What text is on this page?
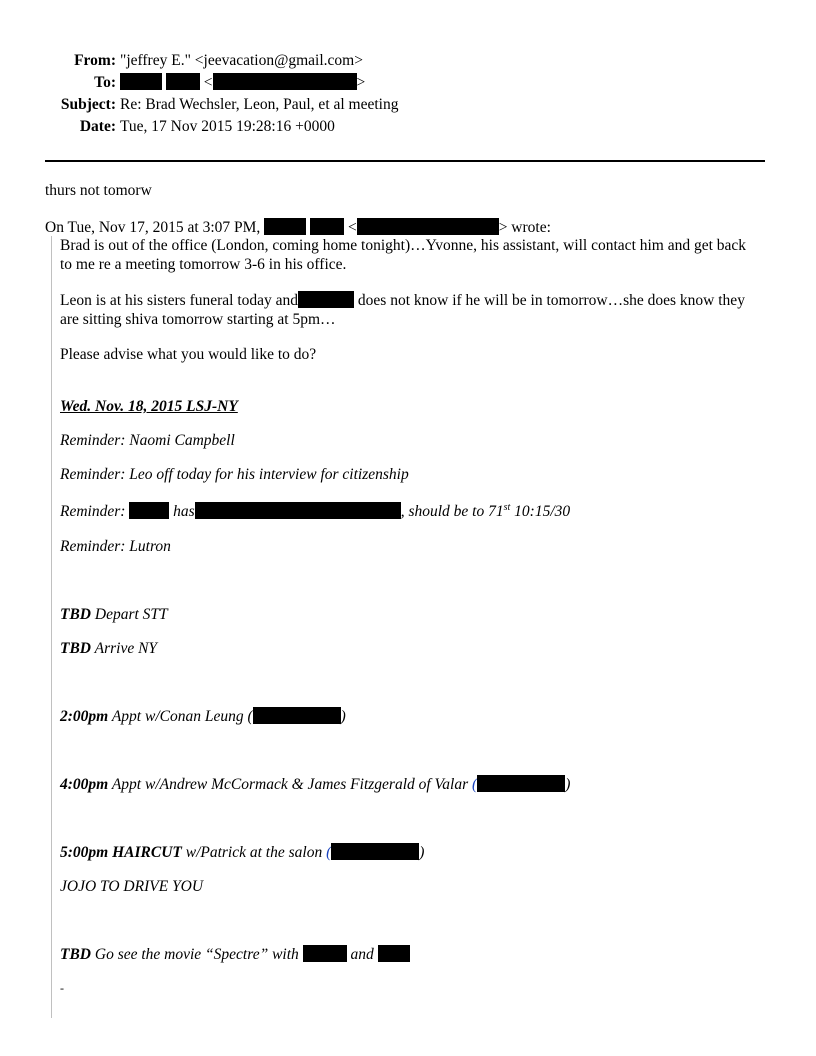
From: "jeffrey E." <jeevacation@gmail.com>
To:	<	>
Subject: Re: Brad Wechsler, Leon, Paul, et al meeting
Date: Tue, 17 Nov 2015 19:28:16 +0000
thurs not tomorw
On Tue, Nov 17, 2015 at 3:07 PM,	<	> wrote:
Brad is out of the office (London, coming home tonight)…Yvonne, his assistant, will contact him and get back
to me re a meeting tomorrow 3-6 in his office.
Leon is at his sisters funeral today and	does not know if he will be in tomorrow…she does know they
are sitting shiva tomorrow starting at 5pm…
Please advise what you would like to do?
Wed. Nov. 18, 2015 LSJ-NY
Reminder: Naomi Campbell
Reminder: Leo off today for his interview for citizenship
Reminder:	has	, should be to 71st 10:15/30
Reminder: Lutron
TBD Depart STT
TBD Arrive NY
2:00pm Appt w/Conan Leung (	)
4:00pm Appt w/Andrew McCormack & James Fitzgerald of Valar (	)
5:00pm HAIRCUT w/Patrick at the salon (	)
JOJO TO DRIVE YOU
TBD Go see the movie “Spectre” with	and
-
